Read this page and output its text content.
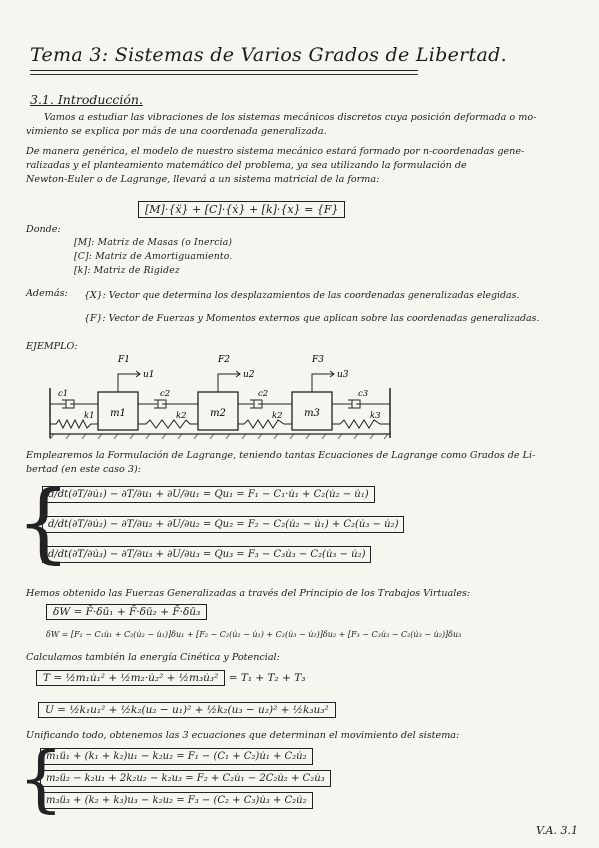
Tema 3: Sistemas de Varios Grados de Libertad.
3.1. Introducción.
Vamos a estudiar las vibraciones de los sistemas mecánicos discretos cuya posición deformada o mo-
vimiento se explica por más de una coordenada generalizada.
De manera genérica, el modelo de nuestro sistema mecánico estará formado por n-coordenadas gene-
ralizadas y el planteamiento matemático del problema, ya sea utilizando la formulación de
Newton-Euler o de Lagrange, llevará a un sistema matricial de la forma:
[M]·{ẍ} + [C]·{ẋ} + [k]·{x} = {F}
Donde:
[M]: Matriz de Masas (o Inercia)
[C]: Matriz de Amortiguamiento.
[k]: Matriz de Rigidez
Además: {X}: Vector que determina los desplazamientos de las coordenadas generalizadas elegidas.
{F}: Vector de Fuerzas y Momentos externos que aplican sobre las coordenadas generalizadas.
EJEMPLO:
m1	m2	m3
c1	c2	c2	c3
k1	k2	k2	k3
F1	F2	F3
u1	u2	u3
Emplearemos la Formulación de Lagrange, teniendo tantas Ecuaciones de Lagrange como Grados de Li-
bertad (en este caso 3):
{
d/dt(∂T/∂u̇₁) − ∂T/∂u₁ + ∂U/∂u₁ = Qu₁ = F₁ − C₁·u̇₁ + C₂(u̇₂ − u̇₁)
d/dt(∂T/∂u̇₂) − ∂T/∂u₂ + ∂U/∂u₂ = Qu₂ = F₂ − C₂(u̇₂ − u̇₁) + C₂(u̇₃ − u̇₂)
d/dt(∂T/∂u̇₃) − ∂T/∂u₃ + ∂U/∂u₃ = Qu₃ = F₃ − C₃u̇₃ − C₂(u̇₃ − u̇₂)
Hemos obtenido las Fuerzas Generalizadas a través del Principio de los Trabajos Virtuales:
δW = F̄·δū₁ + F̄·δū₂ + F̄·δū₃
δW = [F₁ − C₁u̇₁ + C₂(u̇₂ − u̇₁)]δu₁ + [F₂ − C₂(u̇₂ − u̇₁) + C₂(u̇₃ − u̇₂)]δu₂ + [F₃ − C₃u̇₃ − C₂(u̇₃ − u̇₂)]δu₃
Calculamos también la energía Cinética y Potencial:
T = ½m₁u̇₁² + ½m₂·u̇₂² + ½m₃u̇₃² = T₁ + T₂ + T₃
U = ½k₁u₁² + ½k₂(u₂ − u₁)² + ½k₂(u₃ − u₂)² + ½k₃u₃²
Unificando todo, obtenemos las 3 ecuaciones que determinan el movimiento del sistema:
{
m₁ü₁ + (k₁ + k₂)u₁ − k₂u₂ = F₁ − (C₁ + C₂)u̇₁ + C₂u̇₂
m₂ü₂ − k₂u₁ + 2k₂u₂ − k₂u₃ = F₂ + C₂u̇₁ − 2C₂u̇₂ + C₂u̇₃
m₃ü₃ + (k₂ + k₃)u₃ − k₂u₂ = F₃ − (C₂ + C₃)u̇₃ + C₂u̇₂
V.A. 3.1
